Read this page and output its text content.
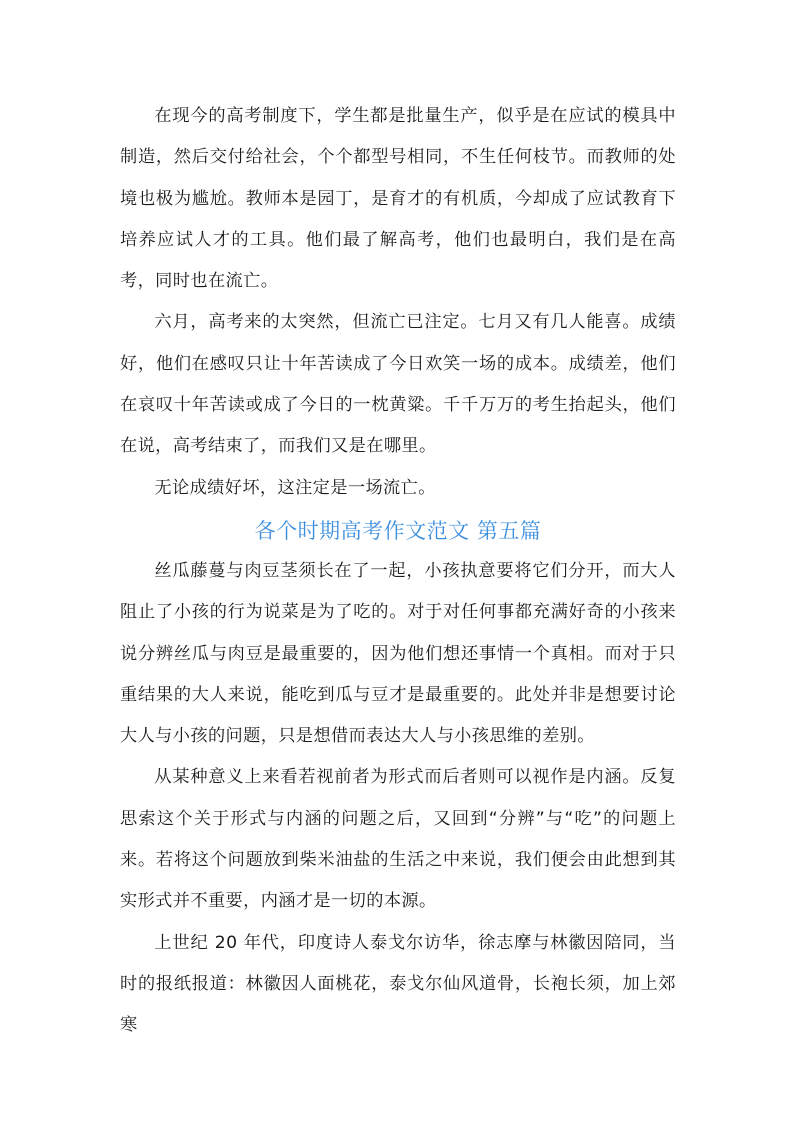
在现今的高考制度下，学生都是批量生产，似乎是在应试的模具中制造，然后交付给社会，个个都型号相同，不生任何枝节。而教师的处境也极为尴尬。教师本是园丁，是育才的有机质，今却成了应试教育下培养应试人才的工具。他们最了解高考，他们也最明白，我们是在高考，同时也在流亡。

六月，高考来的太突然，但流亡已注定。七月又有几人能喜。成绩好，他们在感叹只让十年苦读成了今日欢笑一场的成本。成绩差，他们在哀叹十年苦读或成了今日的一枕黄粱。千千万万的考生抬起头，他们在说，高考结束了，而我们又是在哪里。

无论成绩好坏，这注定是一场流亡。

各个时期高考作文范文 第五篇

丝瓜藤蔓与肉豆茎须长在了一起，小孩执意要将它们分开，而大人阻止了小孩的行为说菜是为了吃的。对于对任何事都充满好奇的小孩来说分辨丝瓜与肉豆是最重要的，因为他们想还事情一个真相。而对于只重结果的大人来说，能吃到瓜与豆才是最重要的。此处并非是想要讨论大人与小孩的问题，只是想借而表达大人与小孩思维的差别。

从某种意义上来看若视前者为形式而后者则可以视作是内涵。反复思索这个关于形式与内涵的问题之后，又回到“分辨”与“吃”的问题上来。若将这个问题放到柴米油盐的生活之中来说，我们便会由此想到其实形式并不重要，内涵才是一切的本源。

上世纪 20 年代，印度诗人泰戈尔访华，徐志摩与林徽因陪同，当时的报纸报道：林徽因人面桃花，泰戈尔仙风道骨，长袍长须，加上郊寒
